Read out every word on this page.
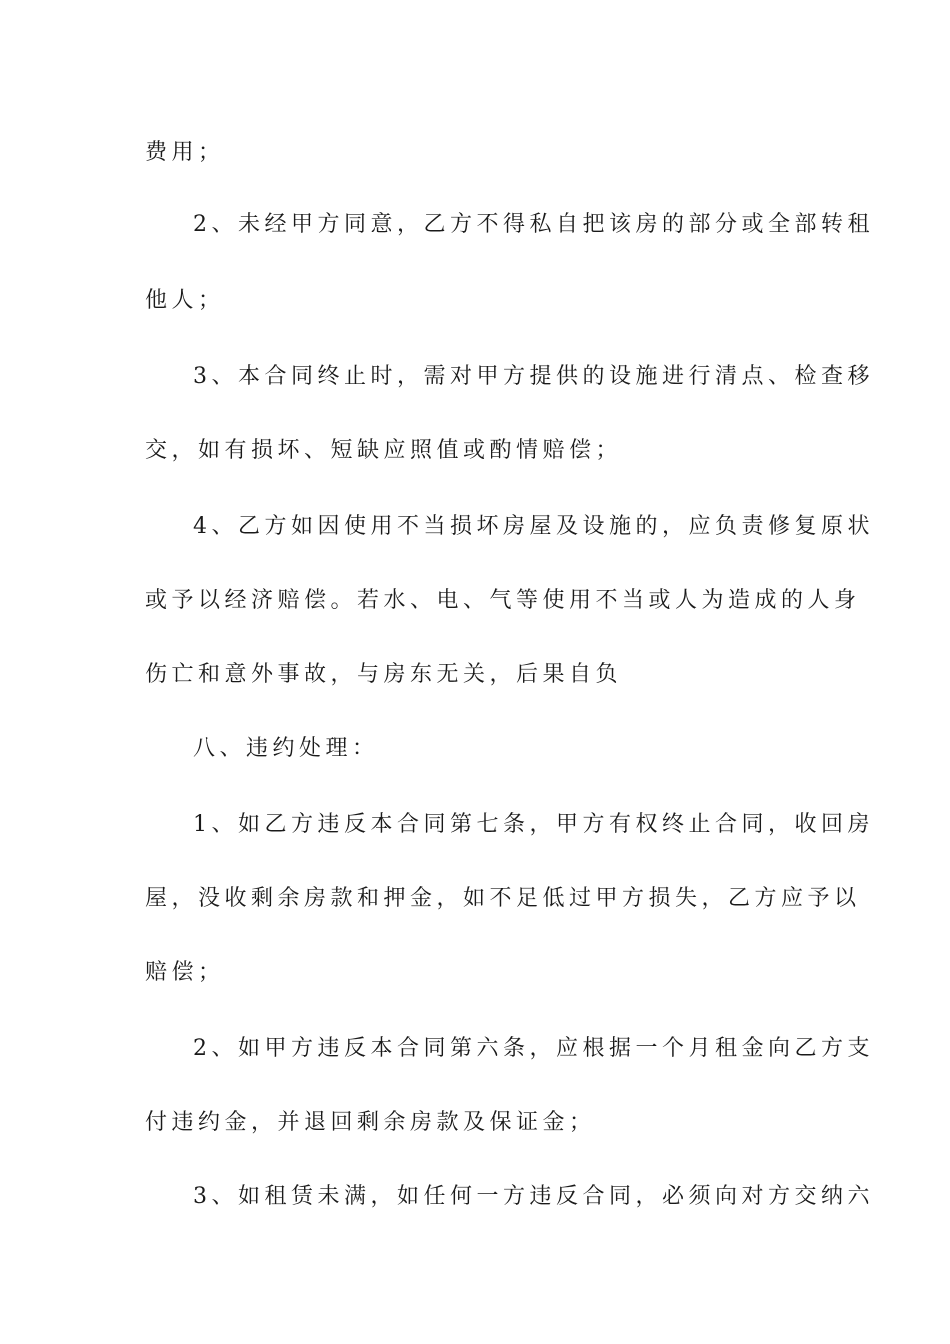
费用；
2、未经甲方同意，乙方不得私自把该房的部分或全部转租
他人；
3、本合同终止时，需对甲方提供的设施进行清点、检查移
交，如有损坏、短缺应照值或酌情赔偿；
4、乙方如因使用不当损坏房屋及设施的，应负责修复原状
或予以经济赔偿。若水、电、气等使用不当或人为造成的人身
伤亡和意外事故，与房东无关，后果自负
八、违约处理：
1、如乙方违反本合同第七条，甲方有权终止合同，收回房
屋，没收剩余房款和押金，如不足低过甲方损失，乙方应予以
赔偿；
2、如甲方违反本合同第六条，应根据一个月租金向乙方支
付违约金，并退回剩余房款及保证金；
3、如租赁未满，如任何一方违反合同，必须向对方交纳六
